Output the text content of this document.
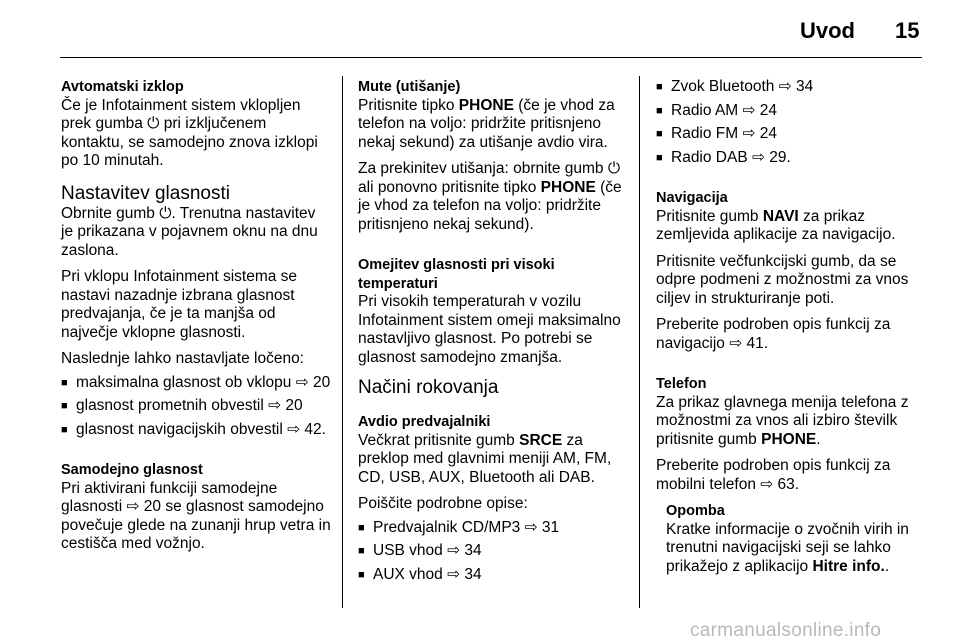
Uvod 15
Avtomatski izklop

Če je Infotainment sistem vklopljen prek gumba ⏻ pri izključenem kontaktu, se samodejno znova izklopi po 10 minutah.

Nastavitev glasnosti

Obrnite gumb ⏻. Trenutna nastavitev je prikazana v pojavnem oknu na dnu zaslona.

Pri vklopu Infotainment sistema se nastavi nazadnje izbrana glasnost predvajanja, če je ta manjša od največje vklopne glasnosti.

Naslednje lahko nastavljate ločeno:

■ maksimalna glasnost ob vklopu ⇨ 20
■ glasnost prometnih obvestil ⇨ 20
■ glasnost navigacijskih obvestil ⇨ 42.
Samodejno glasnost

Pri aktivirani funkciji samodejne glasnosti ⇨ 20 se glasnost samodejno povečuje glede na zunanji hrup vetra in cestišča med vožnjo.

Mute (utišanje)

Pritisnite tipko PHONE (če je vhod za telefon na voljo: pridržite pritisnjeno nekaj sekund) za utišanje avdio vira.

Za prekinitev utišanja: obrnite gumb ⏻ ali ponovno pritisnite tipko PHONE (če je vhod za telefon na voljo: pridržite pritisnjeno nekaj sekund).

Omejitev glasnosti pri visoki temperaturi

Pri visokih temperaturah v vozilu Infotainment sistem omeji maksimalno nastavljivo glasnost. Po potrebi se glasnost samodejno zmanjša.

Načini rokovanja
Avdio predvajalniki

Večkrat pritisnite gumb SRCE za preklop med glavnimi meniji AM, FM, CD, USB, AUX, Bluetooth ali DAB.

Poiščite podrobne opise:

■ Predvajalnik CD/MP3 ⇨ 31
■ USB vhod ⇨ 34
■ AUX vhod ⇨ 34
■ Zvok Bluetooth ⇨ 34
■ Radio AM ⇨ 24
■ Radio FM ⇨ 24
■ Radio DAB ⇨ 29.
Navigacija

Pritisnite gumb NAVI za prikaz zemljevida aplikacije za navigacijo.

Pritisnite večfunkcijski gumb, da se odpre podmeni z možnostmi za vnos ciljev in strukturiranje poti.

Preberite podroben opis funkcij za navigacijo ⇨ 41.

Telefon

Za prikaz glavnega menija telefona z možnostmi za vnos ali izbiro številk pritisnite gumb PHONE.

Preberite podroben opis funkcij za mobilni telefon ⇨ 63.

Opomba

Kratke informacije o zvočnih virih in trenutni navigacijski seji se lahko prikažejo z aplikacijo Hitre info..

carmanualsonline.info
